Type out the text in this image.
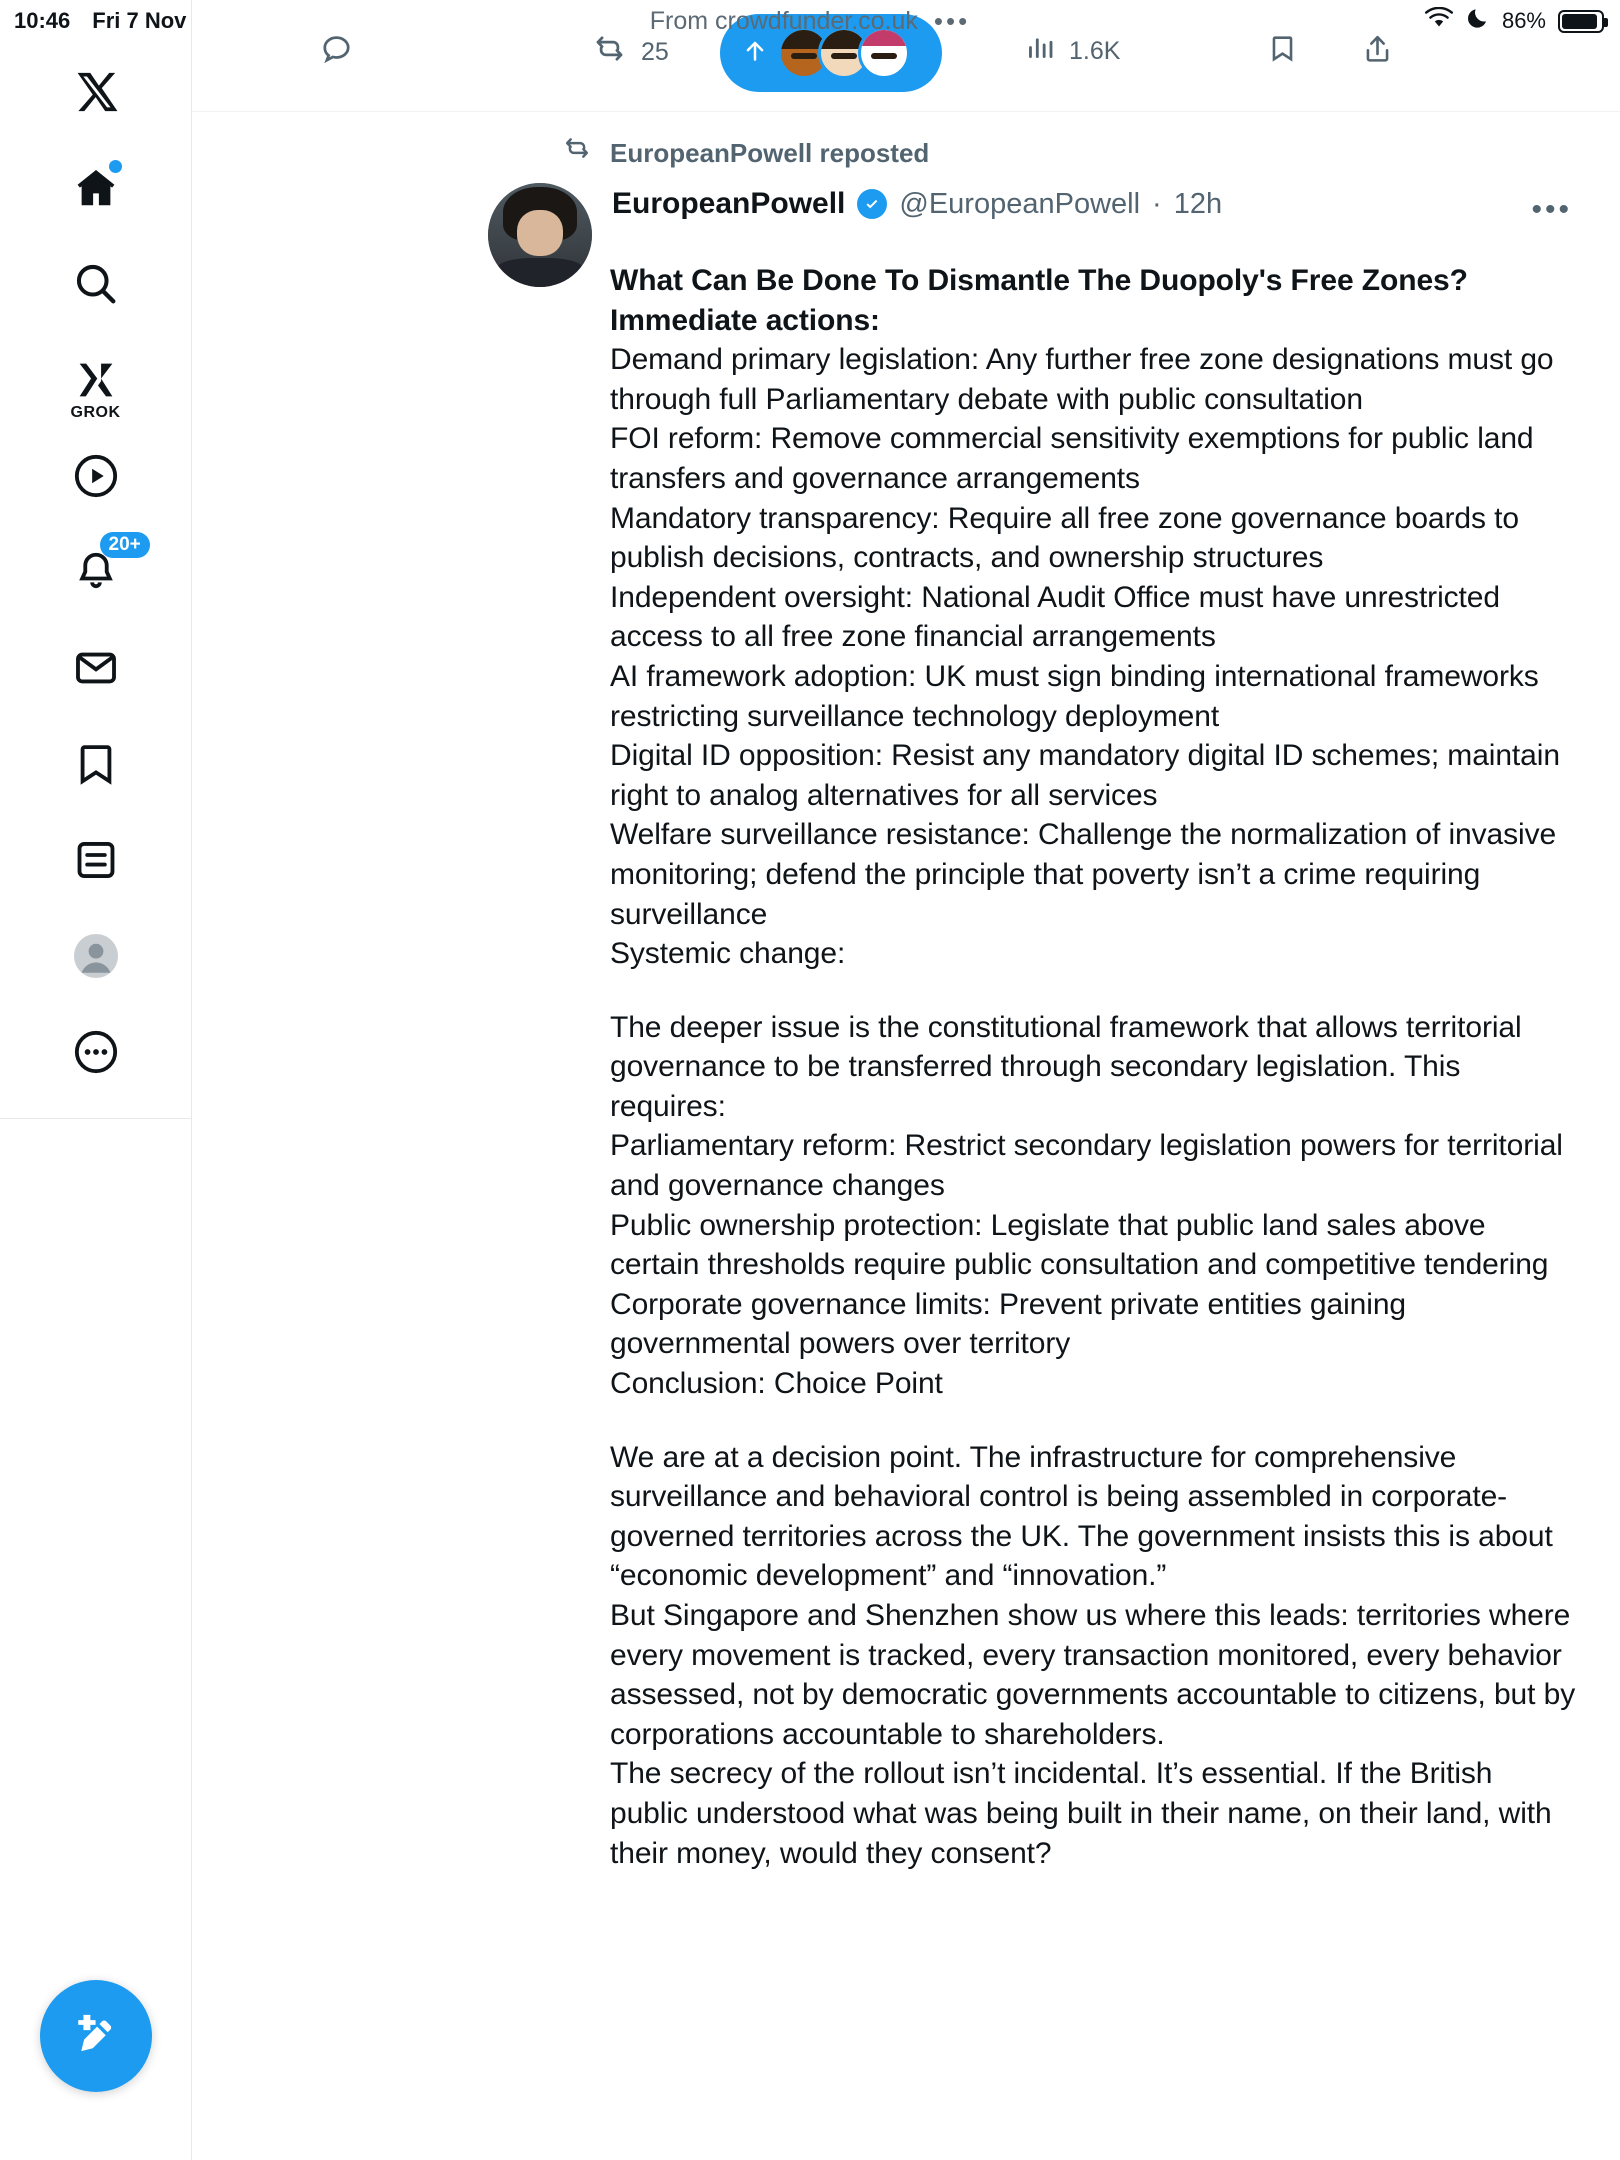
10:46 Fri 7 Nov	From crowdfunder.co.uk •••	86%
GROK
20+
25	1.6K
EuropeanPowell reposted
EuropeanPowell @EuropeanPowell · 12h	•••

What Can Be Done To Dismantle The Duopoly's Free Zones?

Immediate actions:

Demand primary legislation: Any further free zone designations must go through full Parliamentary debate with public consultation

FOI reform: Remove commercial sensitivity exemptions for public land transfers and governance arrangements

Mandatory transparency: Require all free zone governance boards to publish decisions, contracts, and ownership structures

Independent oversight: National Audit Office must have unrestricted access to all free zone financial arrangements

AI framework adoption: UK must sign binding international frameworks restricting surveillance technology deployment

Digital ID opposition: Resist any mandatory digital ID schemes; maintain right to analog alternatives for all services

Welfare surveillance resistance: Challenge the normalization of invasive monitoring; defend the principle that poverty isn’t a crime requiring surveillance

Systemic change:

The deeper issue is the constitutional framework that allows territorial governance to be transferred through secondary legislation. This requires:

Parliamentary reform: Restrict secondary legislation powers for territorial and governance changes

Public ownership protection: Legislate that public land sales above certain thresholds require public consultation and competitive tendering

Corporate governance limits: Prevent private entities gaining governmental powers over territory

Conclusion: Choice Point

We are at a decision point. The infrastructure for comprehensive surveillance and behavioral control is being assembled in corporate-governed territories across the UK. The government insists this is about “economic development” and “innovation.”

But Singapore and Shenzhen show us where this leads: territories where every movement is tracked, every transaction monitored, every behavior assessed, not by democratic governments accountable to citizens, but by corporations accountable to shareholders.

The secrecy of the rollout isn’t incidental. It’s essential. If the British public understood what was being built in their name, on their land, with their money, would they consent?
